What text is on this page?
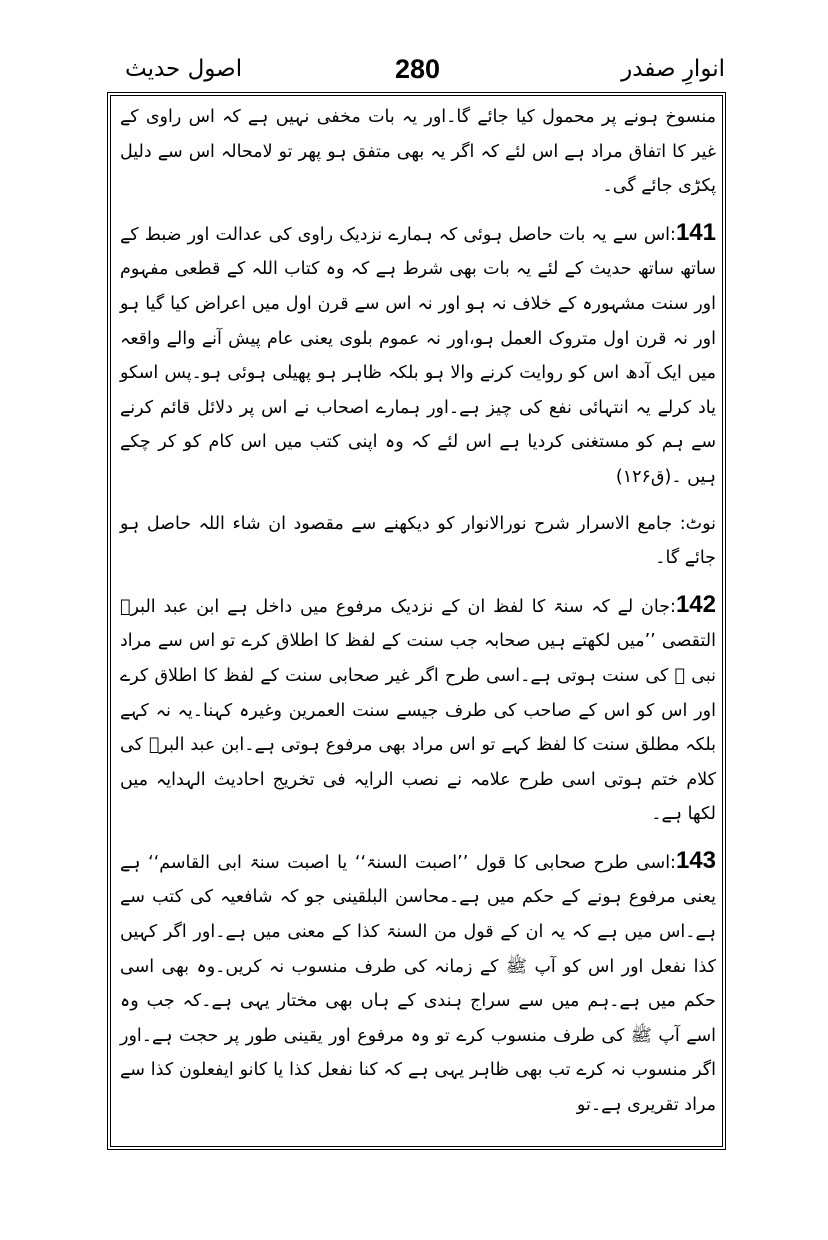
انوارِ صفدر
280
اصول حدیث

منسوخ ہونے پر محمول کیا جائے گا۔اور یہ بات مخفی نہیں ہے کہ اس راوی کے غیر کا اتفاق مراد ہے اس لئے کہ اگر یہ بھی متفق ہو پھر تو لامحالہ اس سے دلیل پکڑی جائے گی۔

141:اس سے یہ بات حاصل ہوئی کہ ہمارے نزدیک راوی کی عدالت اور ضبط کے ساتھ ساتھ حدیث کے لئے یہ بات بھی شرط ہے کہ وہ کتاب اللہ کے قطعی مفہوم اور سنت مشہورہ کے خلاف نہ ہو اور نہ اس سے قرن اول میں اعراض کیا گیا ہو اور نہ قرن اول متروک العمل ہو،اور نہ عموم بلوی یعنی عام پیش آنے والے واقعہ میں ایک آدھ اس کو روایت کرنے والا ہو بلکہ ظاہر ہو پھیلی ہوئی ہو۔پس اسکو یاد کرلے یہ انتہائی نفع کی چیز ہے۔اور ہمارے اصحاب نے اس پر دلائل قائم کرنے سے ہم کو مستغنی کردیا ہے اس لئے کہ وہ اپنی کتب میں اس کام کو کر چکے ہیں ۔(ق۱۲۶)

نوٹ: جامع الاسرار شرح نورالانوار کو دیکھنے سے مقصود ان شاء اللہ حاصل ہو جائے گا۔

142:جان لے کہ سنۃ کا لفظ ان کے نزدیک مرفوع میں داخل ہے ابن عبد البرؒ التقصی ’’میں لکھتے ہیں صحابہ جب سنت کے لفظ کا اطلاق کرے تو اس سے مراد نبی ﷺ کی سنت ہوتی ہے۔اسی طرح اگر غیر صحابی سنت کے لفظ کا اطلاق کرے اور اس کو اس کے صاحب کی طرف جیسے سنت العمرین وغیرہ کہنا۔یہ نہ کہے بلکہ مطلق سنت کا لفظ کہے تو اس مراد بھی مرفوع ہوتی ہے۔ابن عبد البرؒ کی کلام ختم ہوتی اسی طرح علامہ نے نصب الرایہ فی تخریج احادیث الہدایہ میں لکھا ہے۔

143:اسی طرح صحابی کا قول ’’اصبت السنۃ‘‘ یا اصبت سنۃ ابی القاسم‘‘ ہے یعنی مرفوع ہونے کے حکم میں ہے۔محاسن البلقینی جو کہ شافعیہ کی کتب سے ہے۔اس میں ہے کہ یہ ان کے قول من السنۃ کذا کے معنی میں ہے۔اور اگر کہیں کذا نفعل اور اس کو آپ ﷺ کے زمانہ کی طرف منسوب نہ کریں۔وہ بھی اسی حکم میں ہے۔ہم میں سے سراج ہندی کے ہاں بھی مختار یہی ہے۔کہ جب وہ اسے آپ ﷺ کی طرف منسوب کرے تو وہ مرفوع اور یقینی طور پر حجت ہے۔اور اگر منسوب نہ کرے تب بھی ظاہر یہی ہے کہ کنا نفعل کذا یا کانو ایفعلون کذا سے مراد تقریری ہے۔تو
